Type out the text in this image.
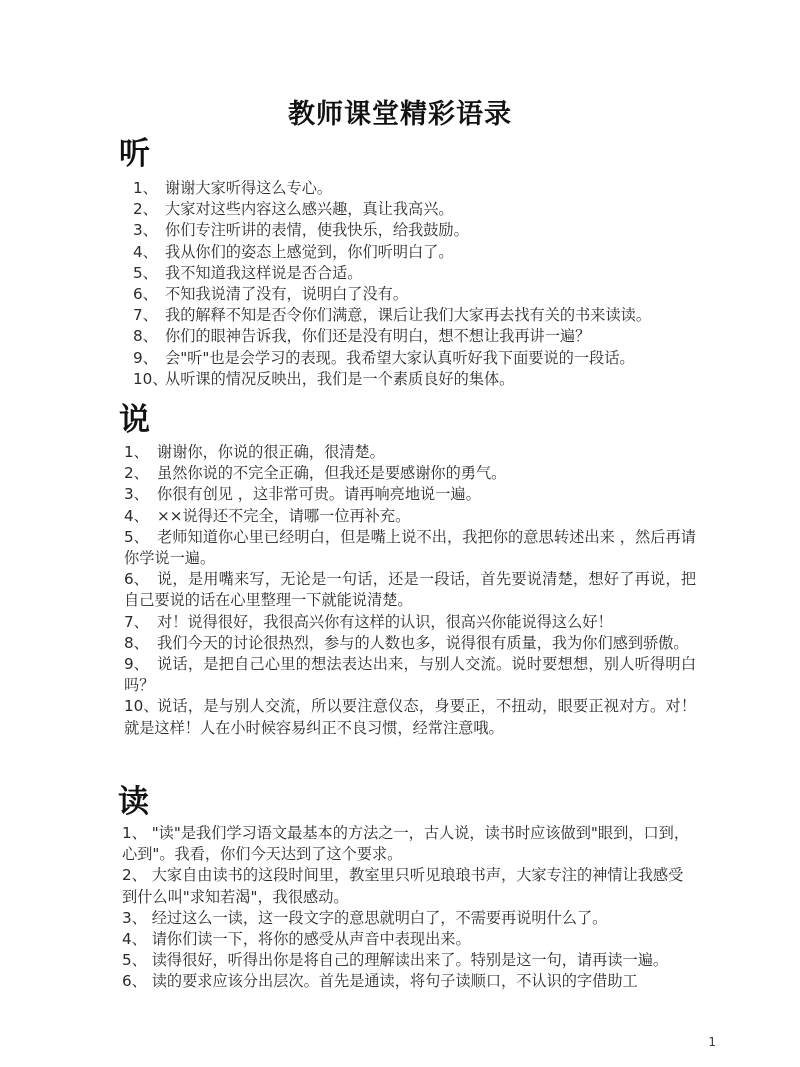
教师课堂精彩语录
听
1、 谢谢大家听得这么专心。
2、 大家对这些内容这么感兴趣，真让我高兴。
3、 你们专注听讲的表情，使我快乐，给我鼓励。
4、 我从你们的姿态上感觉到，你们听明白了。
5、 我不知道我这样说是否合适。
6、 不知我说清了没有，说明白了没有。
7、 我的解释不知是否令你们满意，课后让我们大家再去找有关的书来读读。
8、 你们的眼神告诉我，你们还是没有明白，想不想让我再讲一遍？
9、 会"听"也是会学习的表现。我希望大家认真听好我下面要说的一段话。
10、
从听课的情况反映出，我们是一个素质良好的集体。
说
1、 谢谢你，你说的很正确，很清楚。
2、 虽然你说的不完全正确，但我还是要感谢你的勇气。
3、 你很有创见 ，这非常可贵。请再响亮地说一遍。
4、 ××说得还不完全，请哪一位再补充。
5、 老师知道你心里已经明白，但是嘴上说不出，我把你的意思转述出来 ，然后再请你学说一遍。
6、 说，是用嘴来写，无论是一句话，还是一段话，首先要说清楚，想好了再说，把自己要说的话在心里整理一下就能说清楚。
7、 对！说得很好，我很高兴你有这样的认识，很高兴你能说得这么好！
8、 我们今天的讨论很热烈，参与的人数也多，说得很有质量，我为你们感到骄傲。
9、 说话，是把自己心里的想法表达出来，与别人交流。说时要想想，别人听得明白吗？
10、
说话，是与别人交流，所以要注意仪态，身要正，不扭动，眼要正视对方。对！就是这样！人在小时候容易纠正不良习惯，经常注意哦。
读
1、 "读"是我们学习语文最基本的方法之一，古人说，读书时应该做到"眼到，口到，心到"。我看，你们今天达到了这个要求。
2、 大家自由读书的这段时间里，教室里只听见琅琅书声，大家专注的神情让我感受到什么叫"求知若渴"，我很感动。
3、 经过这么一读，这一段文字的意思就明白了，不需要再说明什么了。
4、 请你们读一下，将你的感受从声音中表现出来。
5、 读得很好，听得出你是将自己的理解读出来了。特别是这一句，请再读一遍。
6、 读的要求应该分出层次。首先是通读，将句子读顺口，不认识的字借助工
1
